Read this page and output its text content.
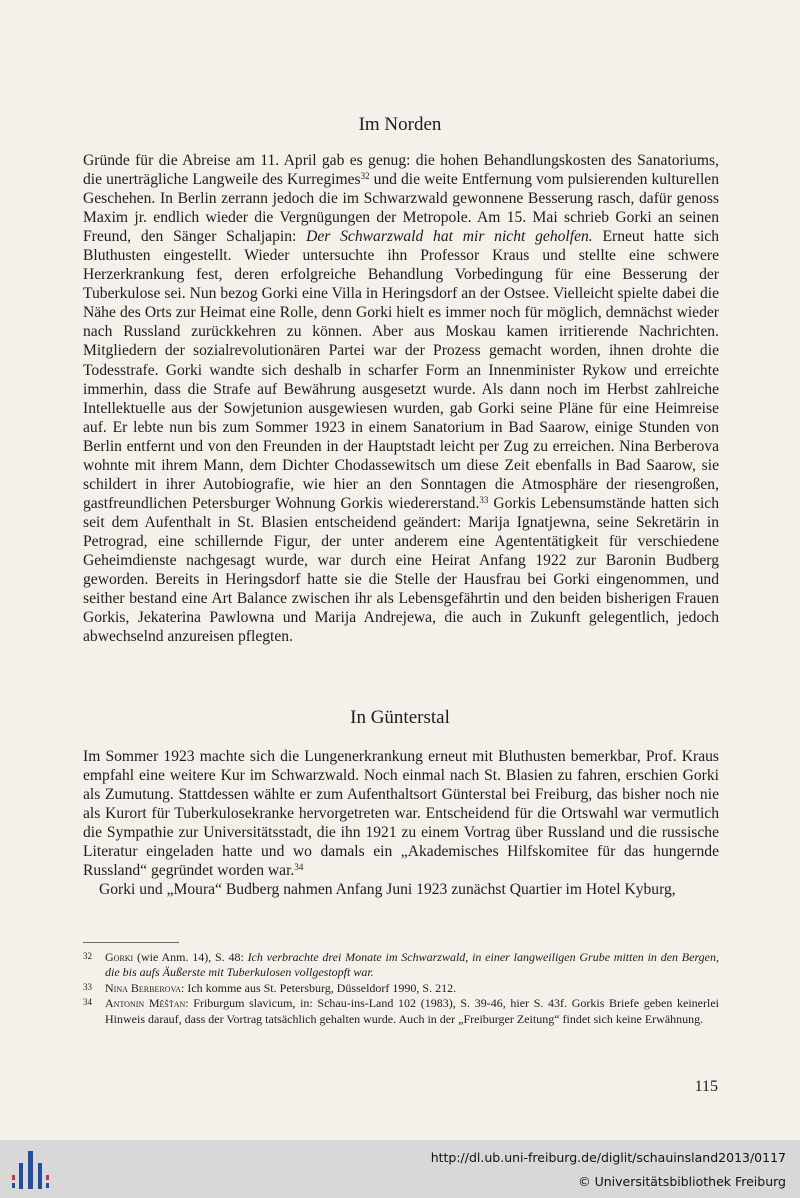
Im Norden

Gründe für die Abreise am 11. April gab es genug: die hohen Behandlungskosten des Sanatoriums, die unerträgliche Langweile des Kurregimes$^{32}$ und die weite Entfernung vom pulsierenden kulturellen Geschehen. In Berlin zerrann jedoch die im Schwarzwald gewonnene Besserung rasch, dafür genoss Maxim jr. endlich wieder die Vergnügungen der Metropole. Am 15. Mai schrieb Gorki an seinen Freund, den Sänger Schaljapin: Der Schwarzwald hat mir nicht geholfen. Erneut hatte sich Bluthusten eingestellt. Wieder untersuchte ihn Professor Kraus und stellte eine schwere Herzerkrankung fest, deren erfolgreiche Behandlung Vorbedingung für eine Besserung der Tuberkulose sei. Nun bezog Gorki eine Villa in Heringsdorf an der Ostsee. Vielleicht spielte dabei die Nähe des Orts zur Heimat eine Rolle, denn Gorki hielt es immer noch für möglich, demnächst wieder nach Russland zurückkehren zu können. Aber aus Moskau kamen irritierende Nachrichten. Mitgliedern der sozialrevolutionären Partei war der Prozess gemacht worden, ihnen drohte die Todesstrafe. Gorki wandte sich deshalb in scharfer Form an Innenminister Rykow und erreichte immerhin, dass die Strafe auf Bewährung ausgesetzt wurde. Als dann noch im Herbst zahlreiche Intellektuelle aus der Sowjetunion ausgewiesen wurden, gab Gorki seine Pläne für eine Heimreise auf. Er lebte nun bis zum Sommer 1923 in einem Sanatorium in Bad Saarow, einige Stunden von Berlin entfernt und von den Freunden in der Hauptstadt leicht per Zug zu erreichen. Nina Berberova wohnte mit ihrem Mann, dem Dichter Chodassewitsch um diese Zeit ebenfalls in Bad Saarow, sie schildert in ihrer Autobiografie, wie hier an den Sonntagen die Atmosphäre der riesengroßen, gastfreundlichen Petersburger Wohnung Gorkis wiedererstand.$^{33}$ Gorkis Lebensumstände hatten sich seit dem Aufenthalt in St. Blasien entscheidend geändert: Marija Ignatjewna, seine Sekretärin in Petrograd, eine schillernde Figur, der unter anderem eine Agententätigkeit für verschiedene Geheimdienste nachgesagt wurde, war durch eine Heirat Anfang 1922 zur Baronin Budberg geworden. Bereits in Heringsdorf hatte sie die Stelle der Hausfrau bei Gorki eingenommen, und seither bestand eine Art Balance zwischen ihr als Lebensgefährtin und den beiden bisherigen Frauen Gorkis, Jekaterina Pawlowna und Marija Andrejewa, die auch in Zukunft gelegentlich, jedoch abwechselnd anzureisen pflegten.

In Günterstal

Im Sommer 1923 machte sich die Lungenerkrankung erneut mit Bluthusten bemerkbar, Prof. Kraus empfahl eine weitere Kur im Schwarzwald. Noch einmal nach St. Blasien zu fahren, erschien Gorki als Zumutung. Stattdessen wählte er zum Aufenthaltsort Günterstal bei Freiburg, das bisher noch nie als Kurort für Tuberkulosekranke hervorgetreten war. Entscheidend für die Ortswahl war vermutlich die Sympathie zur Universitätsstadt, die ihn 1921 zu einem Vortrag über Russland und die russische Literatur eingeladen hatte und wo damals ein „Akademisches Hilfskomitee für das hungernde Russland“ gegründet worden war.$^{34}$

Gorki und „Moura“ Budberg nahmen Anfang Juni 1923 zunächst Quartier im Hotel Kyburg,

32	Gorki (wie Anm. 14), S. 48: Ich verbrachte drei Monate im Schwarzwald, in einer langweiligen Grube mitten in den Bergen, die bis aufs Äußerste mit Tuberkulosen vollgestopft war.
33	Nina Berberova: Ich komme aus St. Petersburg, Düsseldorf 1990, S. 212.
34	Antonin Měšťan: Friburgum slavicum, in: Schau-ins-Land 102 (1983), S. 39-46, hier S. 43f. Gorkis Briefe geben keinerlei Hinweis darauf, dass der Vortrag tatsächlich gehalten wurde. Auch in der „Freiburger Zeitung“ findet sich keine Erwähnung.
115
http://dl.ub.uni-freiburg.de/diglit/schauinsland2013/0117
© Universitätsbibliothek Freiburg
